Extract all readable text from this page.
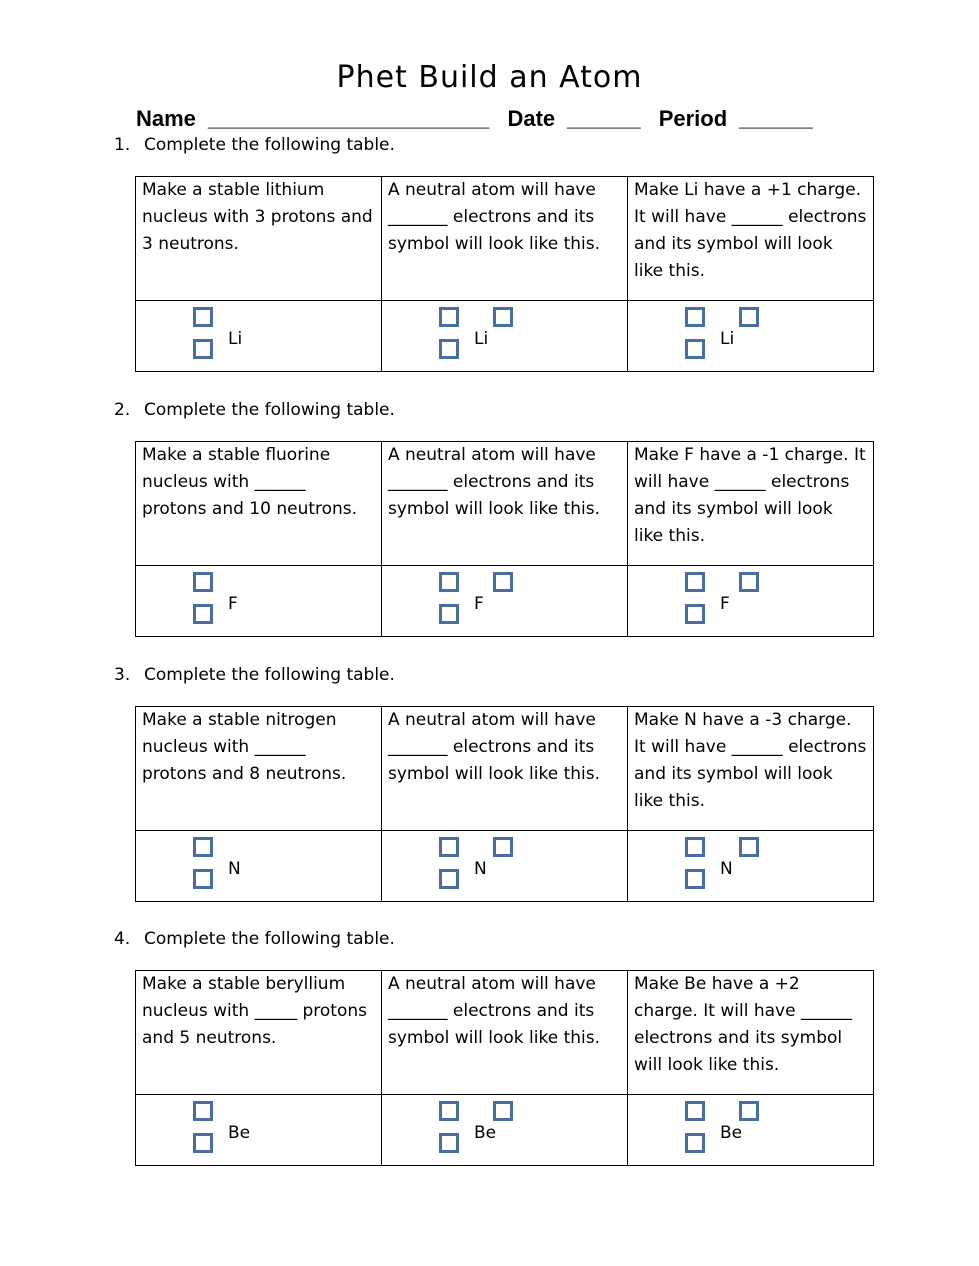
Phet Build an Atom
Name _______________________ Date ______ Period ______
1. Complete the following table.
Make a stable lithium nucleus with 3 protons and 3 neutrons.	A neutral atom will have _______ electrons and its symbol will look like this.	Make Li have a +1 charge. It will have ______ electrons and its symbol will look like this.

Li	Li	Li
2. Complete the following table.
Make a stable fluorine nucleus with ______ protons and 10 neutrons.	A neutral atom will have _______ electrons and its symbol will look like this.	Make F have a -1 charge. It will have ______ electrons and its symbol will look like this.

F	F	F
3. Complete the following table.
Make a stable nitrogen nucleus with ______ protons and 8 neutrons.	A neutral atom will have _______ electrons and its symbol will look like this.	Make N have a -3 charge. It will have ______ electrons and its symbol will look like this.

N	N	N
4. Complete the following table.
Make a stable beryllium nucleus with _____ protons and 5 neutrons.	A neutral atom will have _______ electrons and its symbol will look like this.	Make Be have a +2 charge. It will have ______ electrons and its symbol will look like this.

Be	Be	Be
